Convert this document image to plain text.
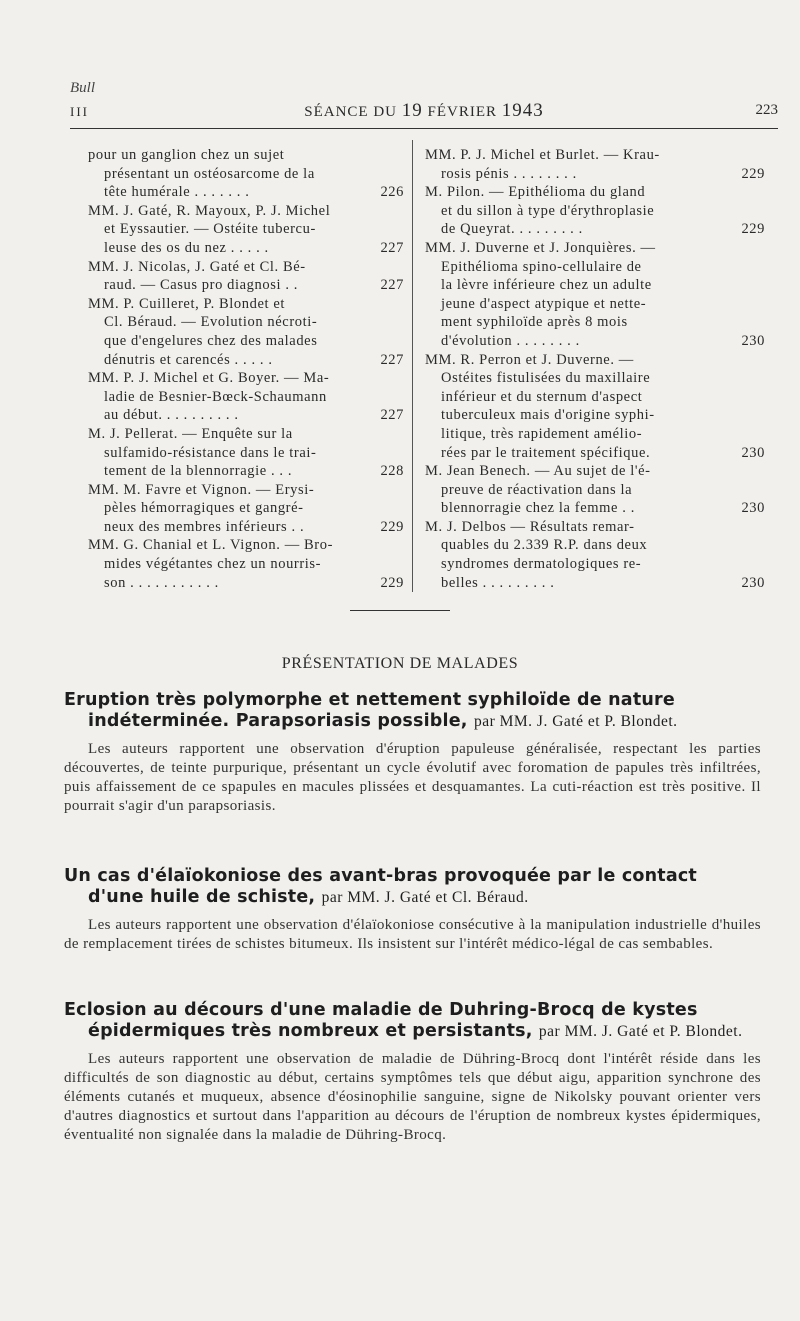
Bull
III	SÉANCE DU 19 FÉVRIER 1943	223
pour un ganglion chez un sujet
présentant un ostéosarcome de la
tête humérale . . . . . . .	226
MM. J. Gaté, R. Mayoux, P. J. Michel
et Eyssautier. — Ostéite tubercu-
leuse des os du nez . . . . .	227
MM. J. Nicolas, J. Gaté et Cl. Bé-
raud. — Casus pro diagnosi . .	227
MM. P. Cuilleret, P. Blondet et
Cl. Béraud. — Evolution nécroti-
que d'engelures chez des malades
dénutris et carencés . . . . .	227
MM. P. J. Michel et G. Boyer. — Ma-
ladie de Besnier-Bœck-Schaumann
au début. . . . . . . . . .	227
M. J. Pellerat. — Enquête sur la
sulfamido-résistance dans le trai-
tement de la blennorragie . . .	228
MM. M. Favre et Vignon. — Erysi-
pèles hémorragiques et gangré-
neux des membres inférieurs . .	229
MM. G. Chanial et L. Vignon. — Bro-
mides végétantes chez un nourris-
son . . . . . . . . . . .	229
MM. P. J. Michel et Burlet. — Krau-
rosis pénis . . . . . . . .	229
M. Pilon. — Epithélioma du gland
et du sillon à type d'érythroplasie
de Queyrat. . . . . . . . .	229
MM. J. Duverne et J. Jonquières. —
Epithélioma spino-cellulaire de
la lèvre inférieure chez un adulte
jeune d'aspect atypique et nette-
ment syphiloïde après 8 mois
d'évolution . . . . . . . .	230
MM. R. Perron et J. Duverne. —
Ostéites fistulisées du maxillaire
inférieur et du sternum d'aspect
tuberculeux mais d'origine syphi-
litique, très rapidement amélio-
rées par le traitement spécifique.	230
M. Jean Benech. — Au sujet de l'é-
preuve de réactivation dans la
blennorragie chez la femme . .	230
M. J. Delbos — Résultats remar-
quables du 2.339 R.P. dans deux
syndromes dermatologiques re-
belles . . . . . . . . .	230
PRÉSENTATION DE MALADES
Eruption très polymorphe et nettement syphiloïde de nature
indéterminée. Parapsoriasis possible, par MM. J. Gaté et P. Blondet.

Les auteurs rapportent une observation d'éruption papuleuse généralisée, respectant les parties découvertes, de teinte purpurique, présentant un cycle évolutif avec foromation de papules très infiltrées, puis affaissement de ce spapules en macules plissées et desquamantes. La cuti-réaction est très positive. Il pourrait s'agir d'un parapsoriasis.

Un cas d'élaïokoniose des avant-bras provoquée par le contact
d'une huile de schiste, par MM. J. Gaté et Cl. Béraud.

Les auteurs rapportent une observation d'élaïokoniose consécutive à la manipulation industrielle d'huiles de remplacement tirées de schistes bitumeux. Ils insistent sur l'intérêt médico-légal de cas sembables.

Eclosion au décours d'une maladie de Duhring-Brocq de kystes
épidermiques très nombreux et persistants, par MM. J. Gaté et P. Blondet.

Les auteurs rapportent une observation de maladie de Dühring-Brocq dont l'intérêt réside dans les difficultés de son diagnostic au début, certains symptômes tels que début aigu, apparition synchrone des éléments cutanés et muqueux, absence d'éosinophilie sanguine, signe de Nikolsky pouvant orienter vers d'autres diagnostics et surtout dans l'apparition au décours de l'éruption de nombreux kystes épidermiques, éventualité non signalée dans la maladie de Dühring-Brocq.
